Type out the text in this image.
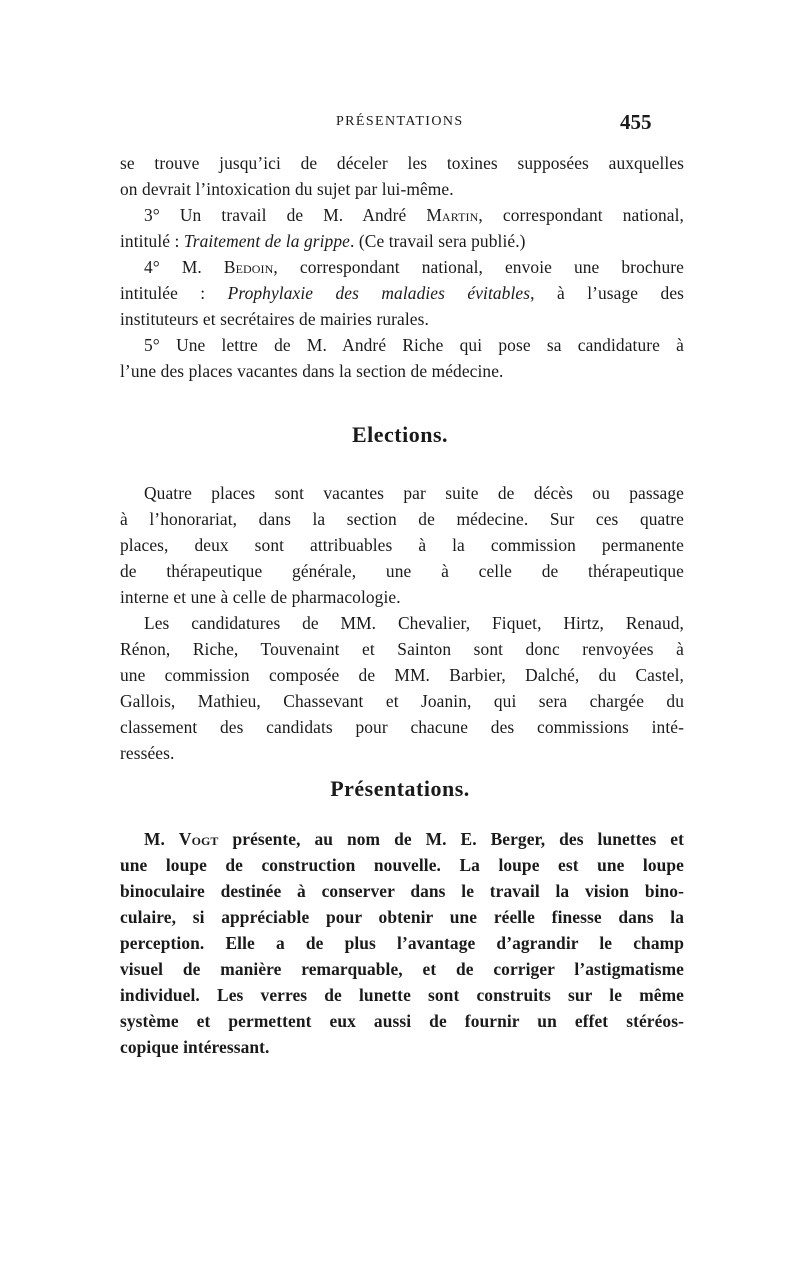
PRÉSENTATIONS	455
se trouve jusqu’ici de déceler les toxines supposées auxquelles
on devrait l’intoxication du sujet par lui-même.
3° Un travail de M. André Martin, correspondant national,
intitulé : Traitement de la grippe. (Ce travail sera publié.)
4° M. Bedoin, correspondant national, envoie une brochure
intitulée : Prophylaxie des maladies évitables, à l’usage des
instituteurs et secrétaires de mairies rurales.
5° Une lettre de M. André Riche qui pose sa candidature à
l’une des places vacantes dans la section de médecine.
Elections.
Quatre places sont vacantes par suite de décès ou passage
à l’honorariat, dans la section de médecine. Sur ces quatre
places, deux sont attribuables à la commission permanente
de thérapeutique générale, une à celle de thérapeutique
interne et une à celle de pharmacologie.
Les candidatures de MM. Chevalier, Fiquet, Hirtz, Renaud,
Rénon, Riche, Touvenaint et Sainton sont donc renvoyées à
une commission composée de MM. Barbier, Dalché, du Castel,
Gallois, Mathieu, Chassevant et Joanin, qui sera chargée du
classement des candidats pour chacune des commissions inté-
ressées.
Présentations.
M. Vogt présente, au nom de M. E. Berger, des lunettes et
une loupe de construction nouvelle. La loupe est une loupe
binoculaire destinée à conserver dans le travail la vision bino-
culaire, si appréciable pour obtenir une réelle finesse dans la
perception. Elle a de plus l’avantage d’agrandir le champ
visuel de manière remarquable, et de corriger l’astigmatisme
individuel. Les verres de lunette sont construits sur le même
système et permettent eux aussi de fournir un effet stéréos-
copique intéressant.
